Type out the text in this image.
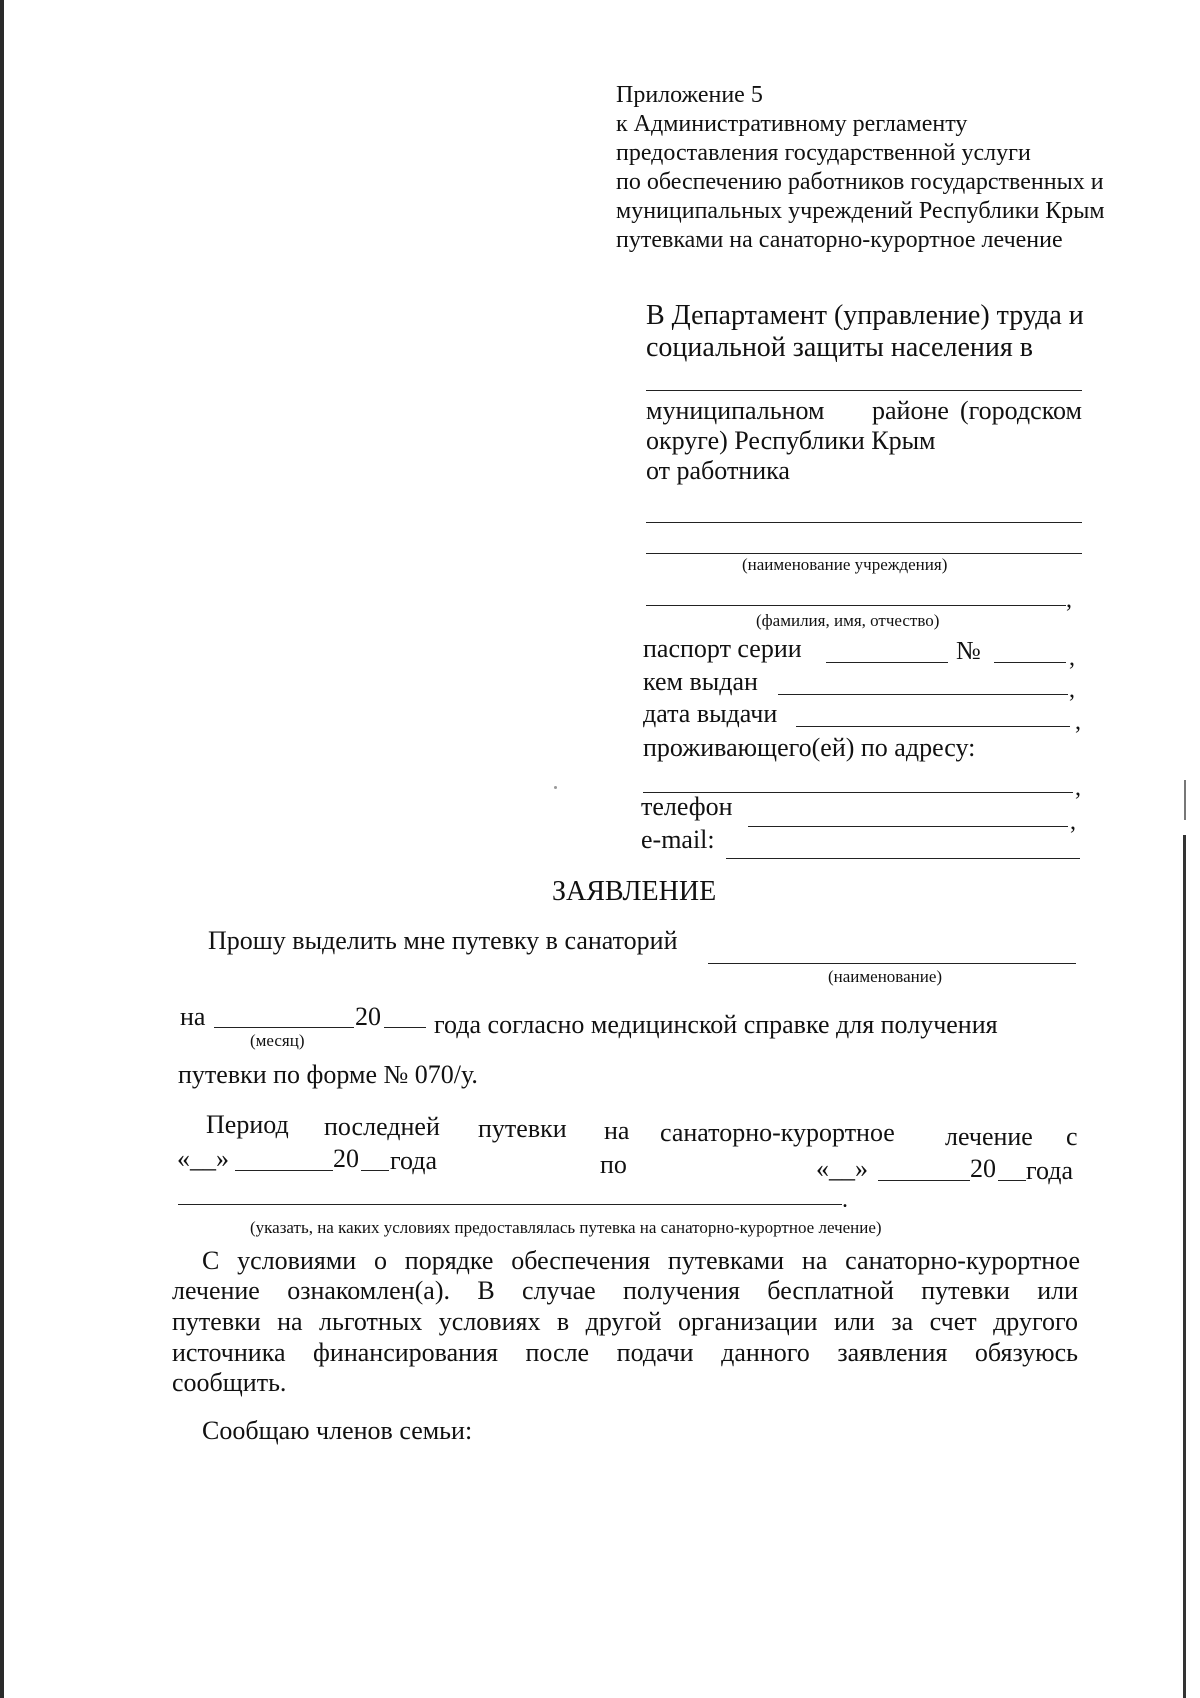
Приложение 5
к Административному регламенту
предоставления государственной услуги
по обеспечению работников государственных и
муниципальных учреждений Республики Крым
путевками на санаторно-курортное лечение
В Департамент (управление) труда и
социальной защиты населения в
муниципальном районе (городском
округе) Республики Крым
от работника
(наименование учреждения)
,
(фамилия, имя, отчество)
паспорт серии	№	,
кем выдан	,
дата выдачи	,
проживающего(ей) по адресу:
,
телефон
,
e-mail:
ЗАЯВЛЕНИЕ
Прошу выделить мне путевку в санаторий
(наименование)
на	20 года согласно медицинской справке для получения
(месяц)
путевки по форме № 070/у.
Период последней путевки на санаторно-курортное лечение с
«__»	20 года	по	«__»	20 года
.
(указать, на каких условиях предоставлялась путевка на санаторно-курортное лечение)
С условиями о порядке обеспечения путевками на санаторно-курортное
лечение ознакомлен(а). В случае получения бесплатной путевки или
путевки на льготных условиях в другой организации или за счет другого
источника финансирования после подачи данного заявления обязуюсь
сообщить.
Сообщаю членов семьи:
